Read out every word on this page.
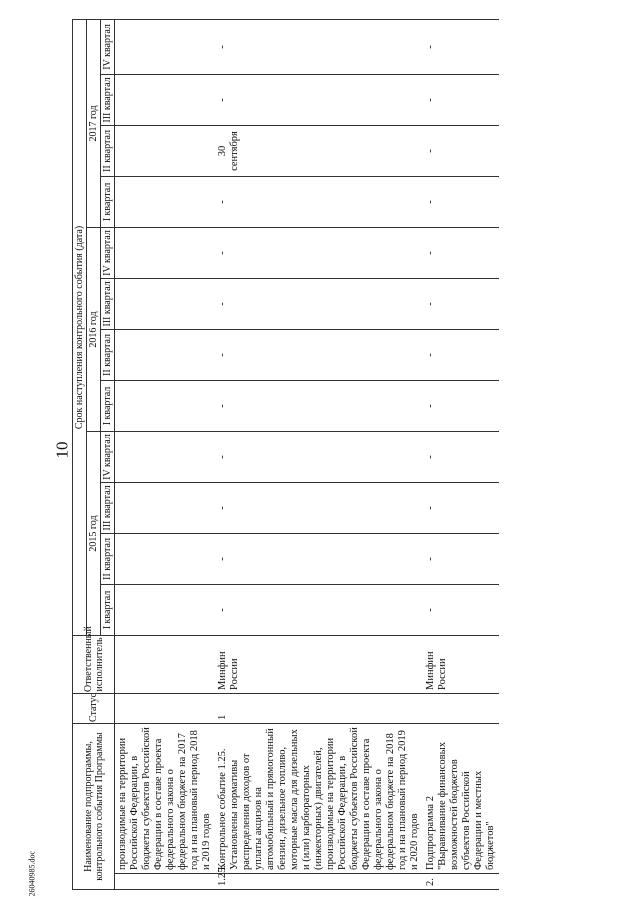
10
26040985.doc
Наименование подпрограммы, контрольного события Программы		Статус	Ответственный исполнитель	Срок наступления контрольного события (дата)											
				2015 год				2016 год				2017 год			
				I квартал	II квартал	III квартал	IV квартал	I квартал	II квартал	III квартал	IV квартал	I квартал	II квартал	III квартал	IV квартал
	производимые на территории Российской Федерации, в бюджеты субъектов Российской Федерации в составе проекта федерального закона о федеральном бюджете на 2017 год и на плановый период 2018 и 2019 годов														
1.25.	Контрольное событие 1.25. Установлены нормативы распределения доходов от уплаты акцизов на автомобильный и прямогонный бензин, дизельное топливо, моторные масла для дизельных и (или) карбюраторных (инжекторных) двигателей, производимые на территории Российской Федерации, в бюджеты субъектов Российской Федерации в составе проекта федерального закона о федеральном бюджете на 2018 год и на плановый период 2019 и 2020 годов	1	Минфин России	-	-	-	-	-	-	-	-	-	30 сентября	-	-
2.	Подпрограмма 2 "Выравнивание финансовых возможностей бюджетов субъектов Российской Федерации и местных бюджетов"		Минфин России	-	-	-	-	-	-	-	-	-	-	-	-
